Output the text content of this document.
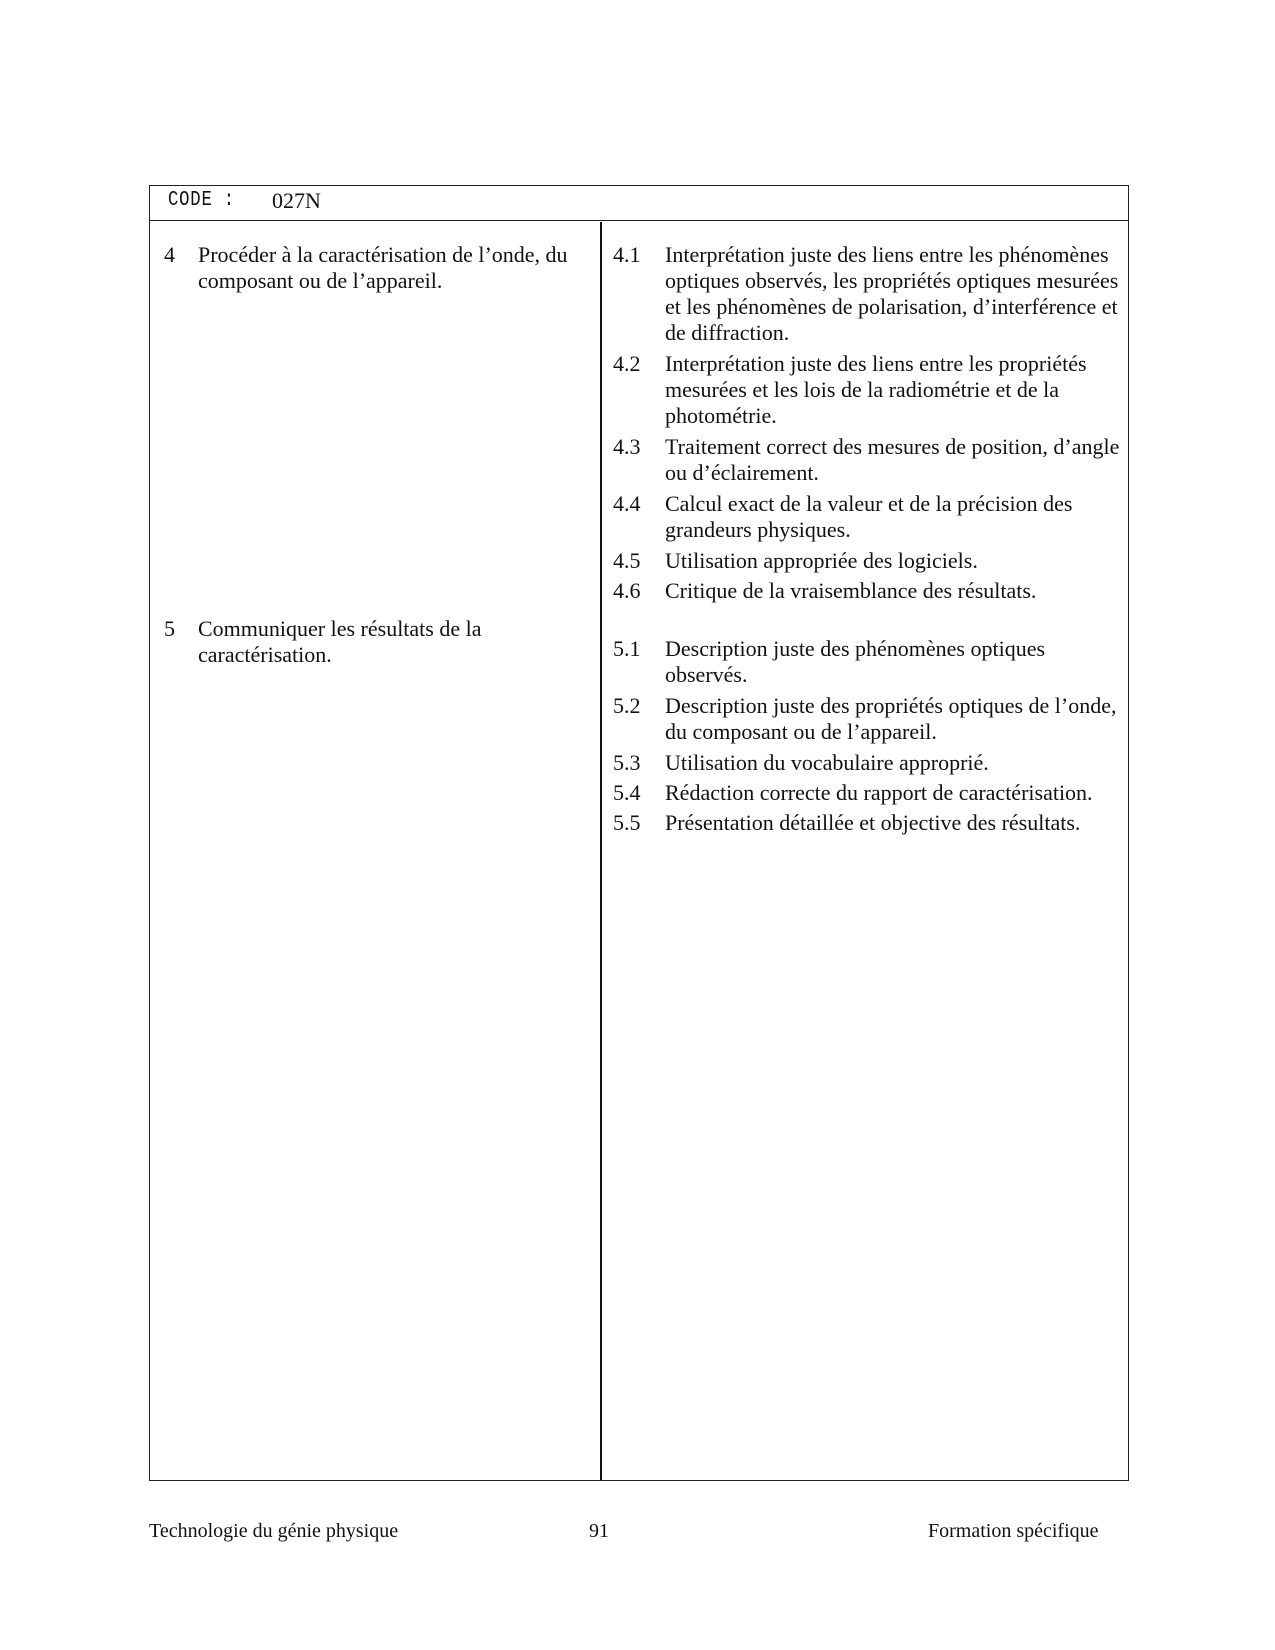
CODE : 027N
4 Procéder à la caractérisation de l’onde, du composant ou de l’appareil.
5 Communiquer les résultats de la caractérisation.
4.1 Interprétation juste des liens entre les phénomènes optiques observés, les propriétés optiques mesurées et les phénomènes de polarisation, d’interférence et de diffraction.
4.2 Interprétation juste des liens entre les propriétés mesurées et les lois de la radiométrie et de la photométrie.
4.3 Traitement correct des mesures de position, d’angle ou d’éclairement.
4.4 Calcul exact de la valeur et de la précision des grandeurs physiques.
4.5 Utilisation appropriée des logiciels.
4.6 Critique de la vraisemblance des résultats.
5.1 Description juste des phénomènes optiques observés.
5.2 Description juste des propriétés optiques de l’onde, du composant ou de l’appareil.
5.3 Utilisation du vocabulaire approprié.
5.4 Rédaction correcte du rapport de caractérisation.
5.5 Présentation détaillée et objective des résultats.
Technologie du génie physique	91	Formation spécifique
